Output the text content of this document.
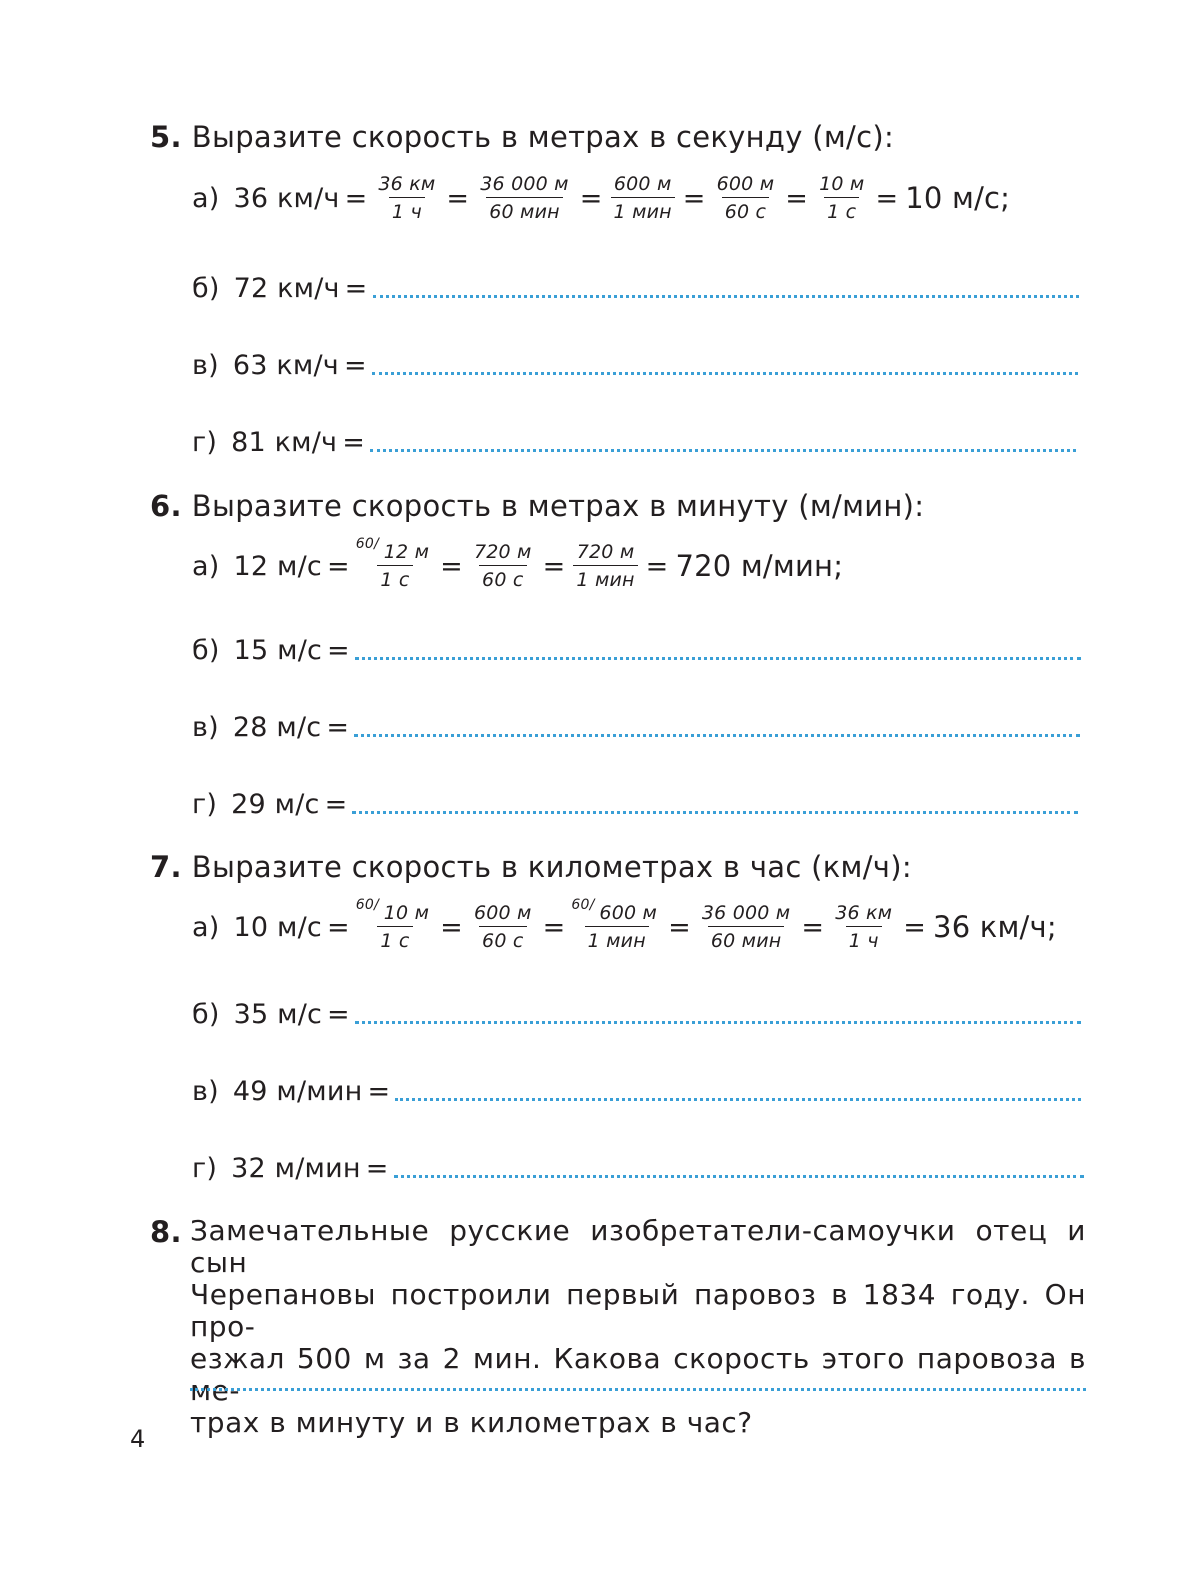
5. Выразите скорость в метрах в секунду (м/с):
а) 36 $км/ч = \frac{36 км}{1 ч} = \frac{36 000 м}{\text{60 мин}} = \frac{600 м}{\text{1 мин}} = \frac{600 м}{60 с} = \frac{10 м}{1 с} = 10$ м/с;
б) 72 км/ч =
в) 63 км/ч =
г) 81 км/ч =
6. Выразите скорость в метрах в минуту (м/мин):
а) 12 м/с =
60/ 12 м
1 $с = \frac{720 м}{60 с} = \frac{720 м}{\text{1 мин}} = 720$ м/мин;
б) 15 м/с =
в) 28 м/с =
г) 29 м/с =
7. Выразите скорость в километрах в час (км/ч):
а) 10 м/с =
60/ 10 м
1 $с = \frac{600 м}{60 с}$ =
60/ 600 м
1 мин = $\frac{36 000 м}{\text{60 мин}} = \frac{36 км}{1 ч} = 36$ км/ч;
б) 35 м/с =
в) 49 м/мин =
г) 32 м/мин =
8. Замечательные русские изобретатели-самоучки отец и сын
Черепановы построили первый паровоз в 1834 году. Он про-
езжал 500 м за 2 мин. Какова скорость этого паровоза в ме-
трах в минуту и в километрах в час?
4
